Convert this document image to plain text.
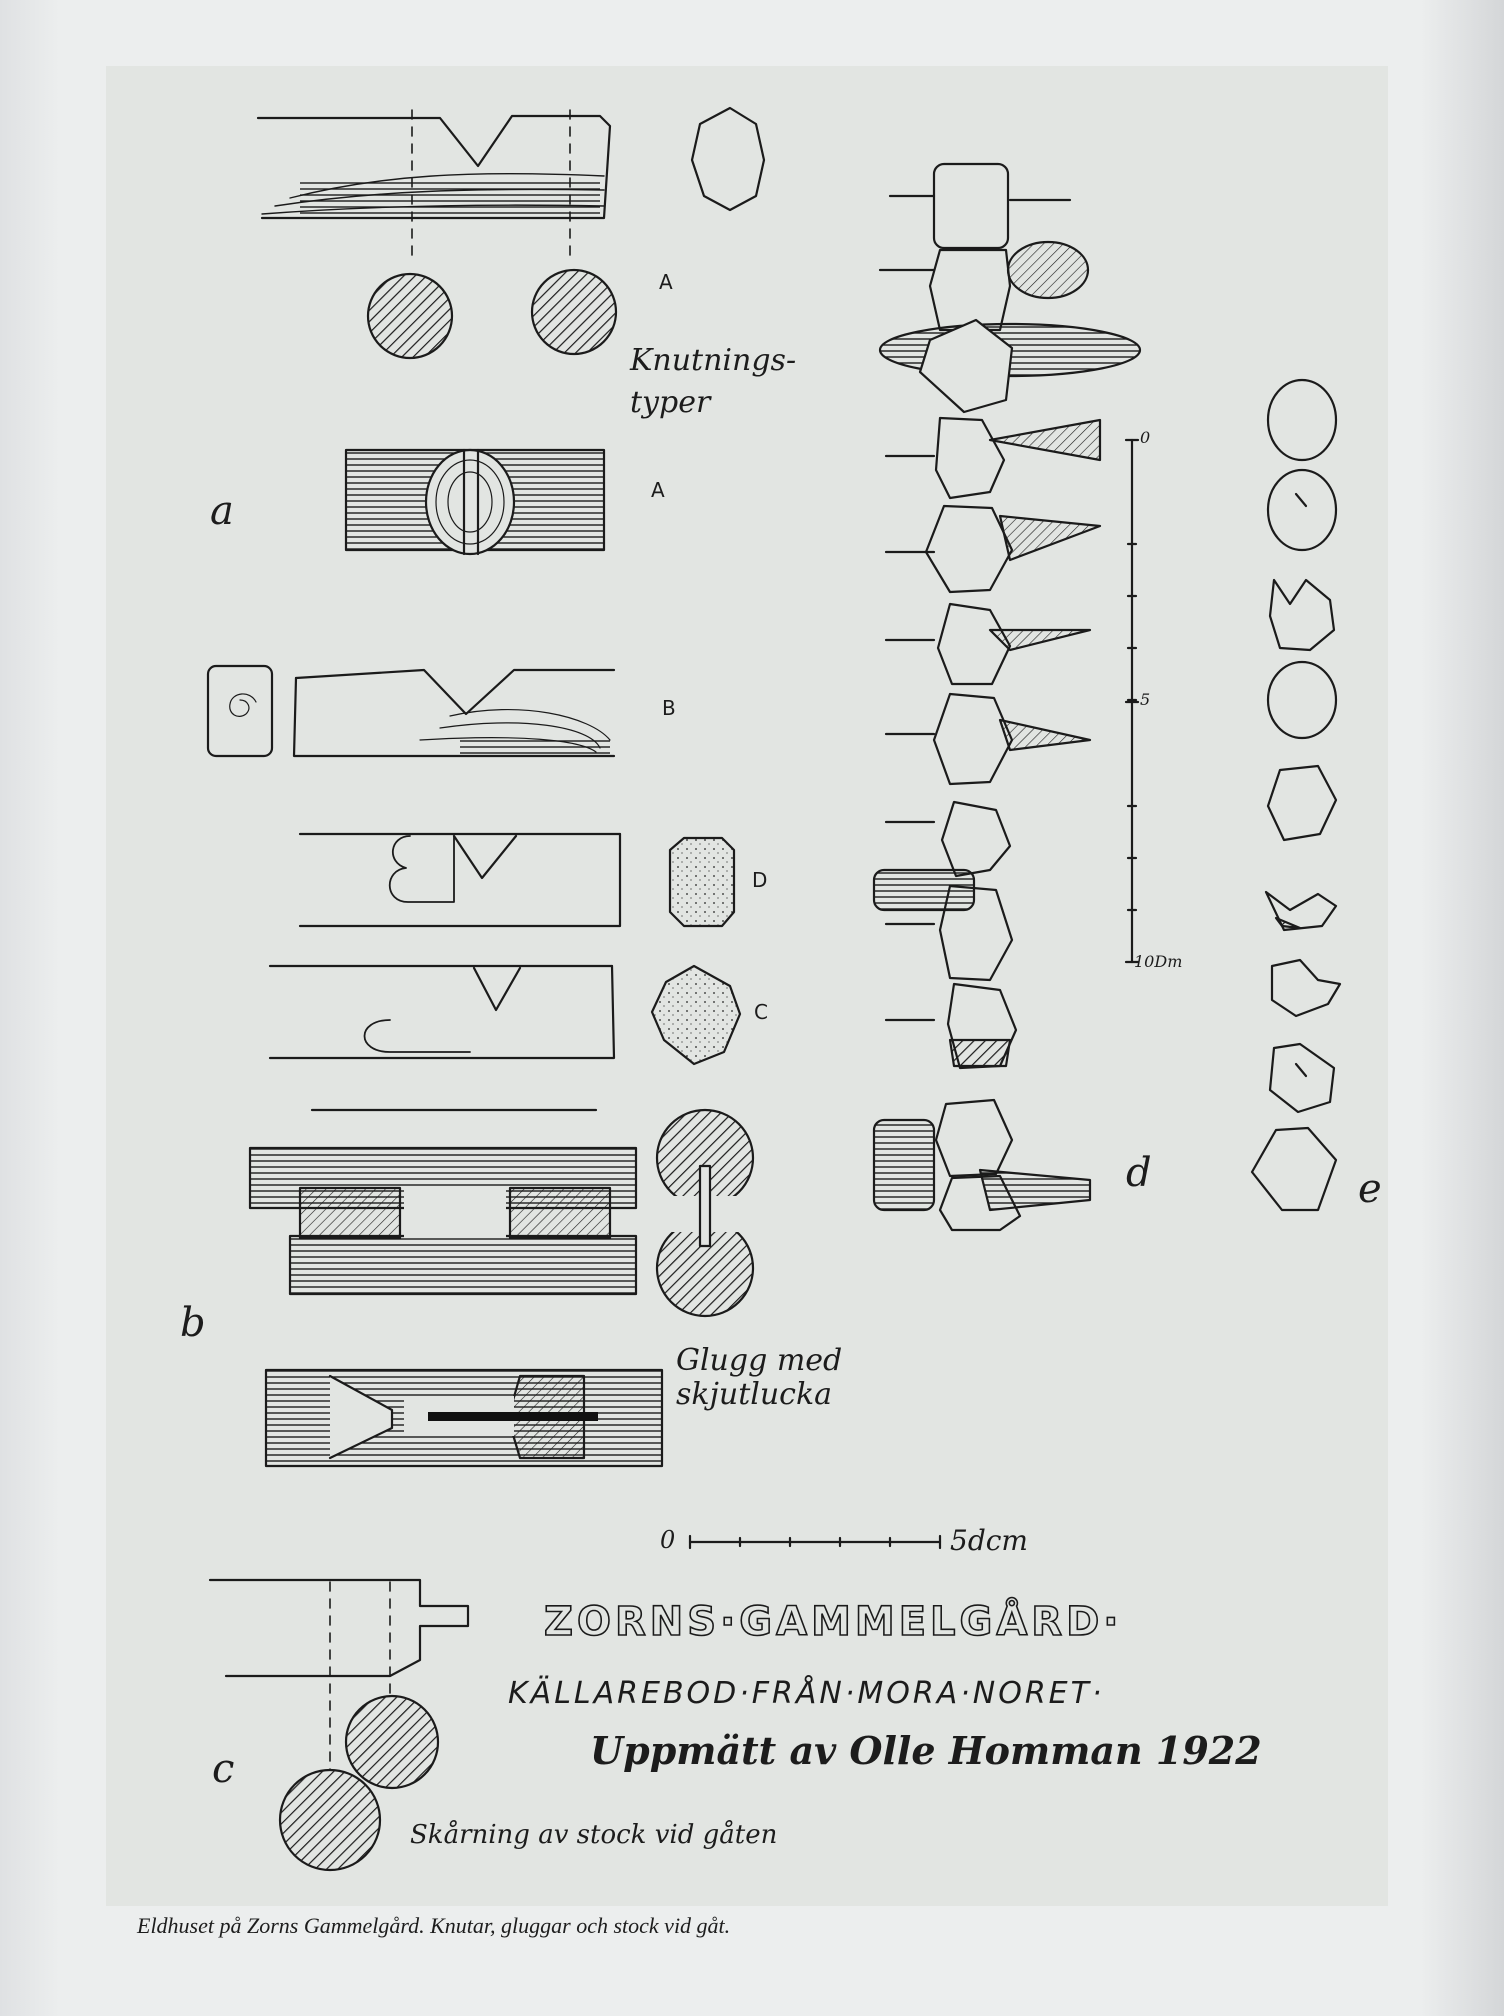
ZORNS·GAMMELGÅRD·
A
A
B
D
C
Knutnings-
typer
a
b
c
d	e
Glugg med
skjutlucka
Skårning av stock vid gåten
0	5dcm
0
5
10Dm
KÄLLAREBOD·FRÅN·MORA·NORET·
Uppmätt av Olle Homman 1922
Eldhuset på Zorns Gammelgård. Knutar, gluggar och stock vid gåt.
